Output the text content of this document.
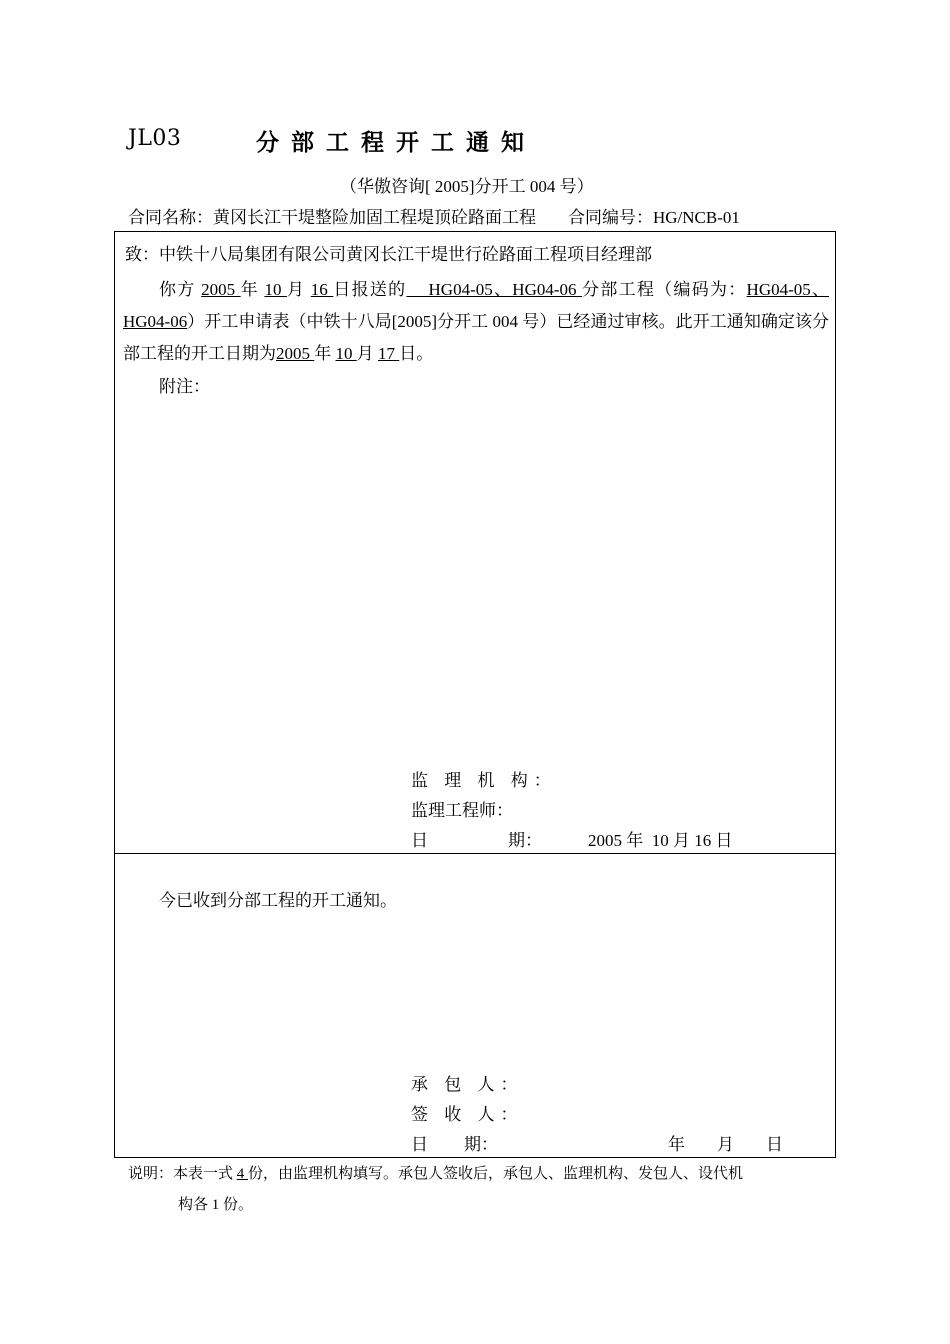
JL03	分部工程开工通知
（华傲咨询[ 2005]分开工 004 号）
合同名称：黄冈长江干堤整险加固工程堤顶砼路面工程 合同编号：HG/NCB-01
致：中铁十八局集团有限公司黄冈长江干堤世行砼路面工程项目经理部
你方 2005 年 10 月 16 日报送的    HG04-05、HG04-06 分部工程（编码为：HG04-05、HG04-06）开工申请表（中铁十八局[2005]分开工 004 号）已经通过审核。此开工通知确定该分部工程的开工日期为2005 年 10 月 17 日。
附注：
监 理 机 构：
监理工程师：
日	期：	2005 年  10 月 16 日
今已收到分部工程的开工通知。
承 包 人：
签 收 人：
日 期：	年 月 日
说明：本表一式 4 份，由监理机构填写。承包人签收后，承包人、监理机构、发包人、设代机
构各 1 份。
